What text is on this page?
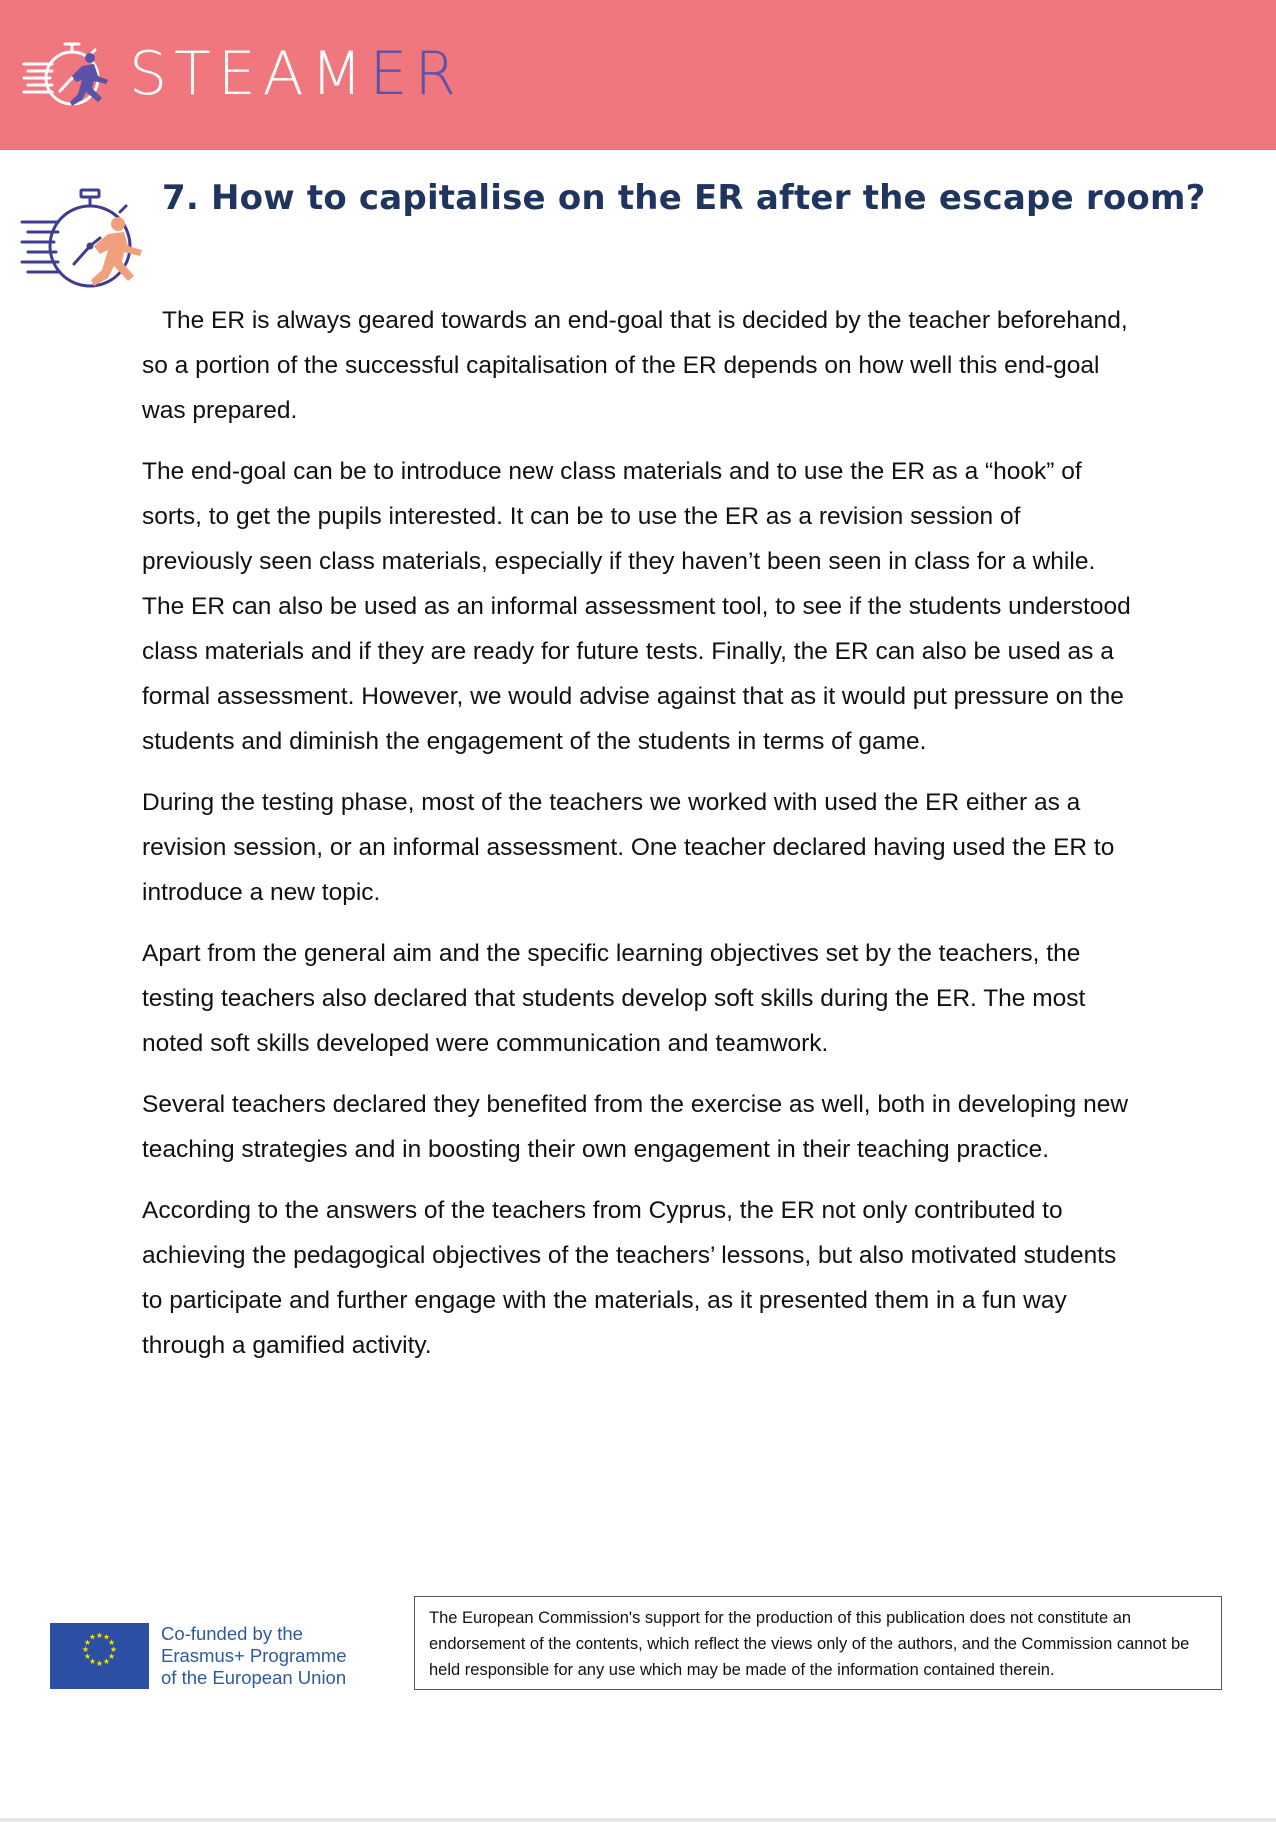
STEAMER
7. How to capitalise on the ER after the escape room?

The ER is always geared towards an end-goal that is decided by the teacher beforehand, so a portion of the successful capitalisation of the ER depends on how well this end-goal was prepared.

The end-goal can be to introduce new class materials and to use the ER as a “hook” of sorts, to get the pupils interested. It can be to use the ER as a revision session of previously seen class materials, especially if they haven’t been seen in class for a while. The ER can also be used as an informal assessment tool, to see if the students understood class materials and if they are ready for future tests. Finally, the ER can also be used as a formal assessment. However, we would advise against that as it would put pressure on the students and diminish the engagement of the students in terms of game.

During the testing phase, most of the teachers we worked with used the ER either as a revision session, or an informal assessment. One teacher declared having used the ER to introduce a new topic.

Apart from the general aim and the specific learning objectives set by the teachers, the testing teachers also declared that students develop soft skills during the ER. The most noted soft skills developed were communication and teamwork.

Several teachers declared they benefited from the exercise as well, both in developing new teaching strategies and in boosting their own engagement in their teaching practice.

According to the answers of the teachers from Cyprus, the ER not only contributed to achieving the pedagogical objectives of the teachers’ lessons, but also motivated students to participate and further engage with the materials, as it presented them in a fun way through a gamified activity.

★ ★
★
★
★
★
★
★
★
★
★
★	Co-funded by the
Erasmus+ Programme
of the European Union
The European Commission's support for the production of this publication does not constitute an endorsement of the contents, which reflect the views only of the authors, and the Commission cannot be held responsible for any use which may be made of the information contained therein.
